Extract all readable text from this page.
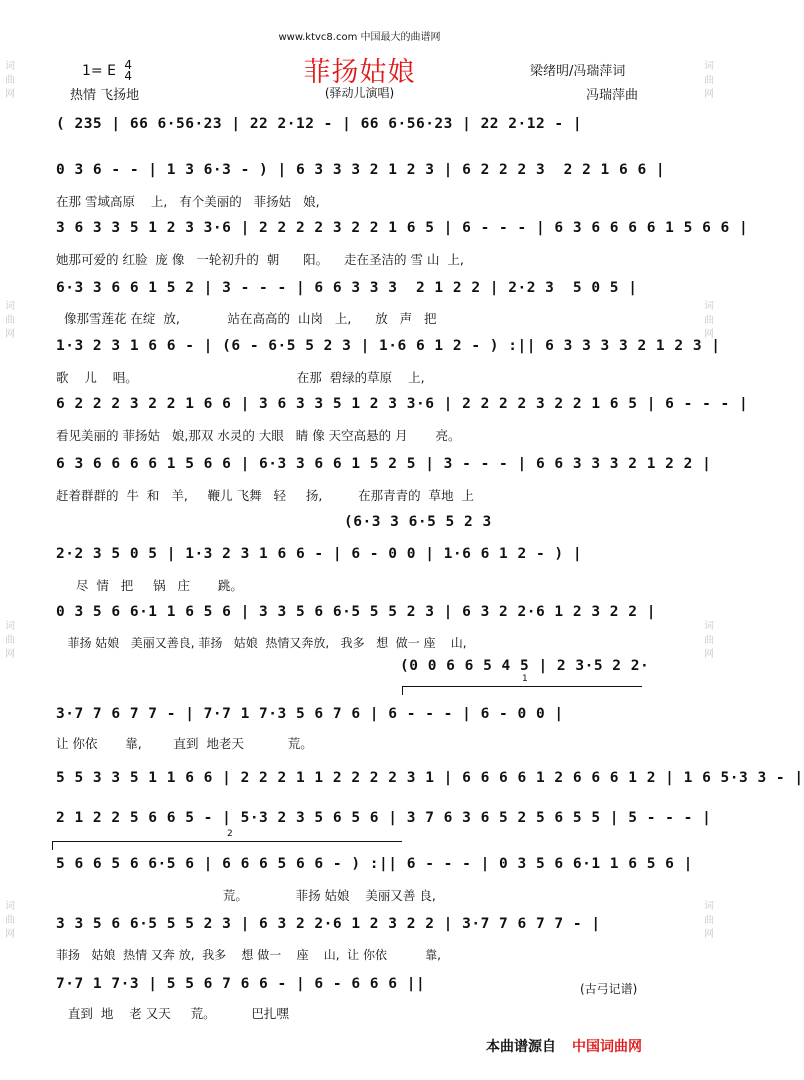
词
曲
网
词
曲
网
词
曲
网
词
曲
网
词
曲
网
词
曲
网
词
曲
网
词
曲
网
www.ktvc8.com 中国最大的曲谱网
菲扬姑娘
1= E 4
4
热情 飞扬地	(驿动儿演唱)
梁绪明/冯瑞萍词
冯瑞萍曲
( 235 | 66 6·56·23 | 22 2·12 - | 66 6·56·23 | 22 2·12 - |
0 3 6 - - | 1 3 6·3 - ) | 6 3 3 3 2 1 2 3 | 6 2 2 2 3  2 2 1 6 6 |
在那 雪域高原    上,   有个美丽的   菲扬姑   娘,
3 6 3 3 5 1 2 3 3·6 | 2 2 2 2 3 2 2 1 6 5 | 6 - - - | 6 3 6 6 6 6 1 5 6 6 |
她那可爱的 红脸  庞 像   一轮初升的  朝      阳。    走在圣洁的 雪 山  上,
6·3 3 6 6 1 5 2 | 3 - - - | 6 6 3 3 3  2 1 2 2 | 2·2 3  5 0 5 |
像那雪莲花 在绽  放,            站在高高的  山岗   上,      放   声   把
1·3 2 3 1 6 6 - | (6 - 6·5 5 2 3 | 1·6 6 1 2 - ) :|| 6 3 3 3 3 2 1 2 3 |
歌    儿    唱。                                        在那  碧绿的草原    上,
6 2 2 2 3 2 2 1 6 6 | 3 6 3 3 5 1 2 3 3·6 | 2 2 2 2 3 2 2 1 6 5 | 6 - - - |
看见美丽的 菲扬姑   娘,那双 水灵的 大眼   睛 像 天空高悬的 月       亮。
6 3 6 6 6 6 1 5 6 6 | 6·3 3 6 6 1 5 2 5 | 3 - - - | 6 6 3 3 3 2 1 2 2 |
赶着群群的  牛  和   羊,     鞭儿 飞舞   轻     扬,         在那青青的  草地  上
(6·3 3 6·5 5 2 3
2·2 3 5 0 5 | 1·3 2 3 1 6 6 - | 6 - 0 0 | 1·6 6 1 2 - ) |
尽  情   把     锅   庄       跳。
0 3 5 6 6·1 1 6 5 6 | 3 3 5 6 6·5 5 5 2 3 | 6 3 2 2·6 1 2 3 2 2 |
菲扬 姑娘   美丽又善良, 菲扬   姑娘  热情又奔放,   我多   想  做一 座    山,
(0 0 6 6 5 4 5 | 2 3·5 2 2·
1
3·7 7 6 7 7 - | 7·7 1 7·3 5 6 7 6 | 6 - - - | 6 - 0 0 |
让 你依       靠,        直到  地老天           荒。
5 5 3 3 5 1 1 6 6 | 2 2 2 1 1 2 2 2 2 3 1 | 6 6 6 6 1 2 6 6 6 1 2 | 1 6 5·3 3 - |
2 1 2 2 5 6 6 5 - | 5·3 2 3 5 6 5 6 | 3 7 6 3 6 5 2 5 6 5 5 | 5 - - - |
2
5 6 6 5 6 6·5 6 | 6 6 6 5 6 6 - ) :|| 6 - - - | 0 3 5 6 6·1 1 6 5 6 |
荒。            菲扬 姑娘    美丽又善 良,
3 3 5 6 6·5 5 5 2 3 | 6 3 2 2·6 1 2 3 2 2 | 3·7 7 6 7 7 - |
菲扬   姑娘  热情 又奔 放,  我多    想 做一    座    山,  让 你依          靠,
7·7 1 7·3 | 5 5 6 7 6 6 - | 6 - 6 6 6 ||
直到  地    老 又天     荒。         巴扎嘿
(古弓记谱)
本曲谱源自 中国词曲网
